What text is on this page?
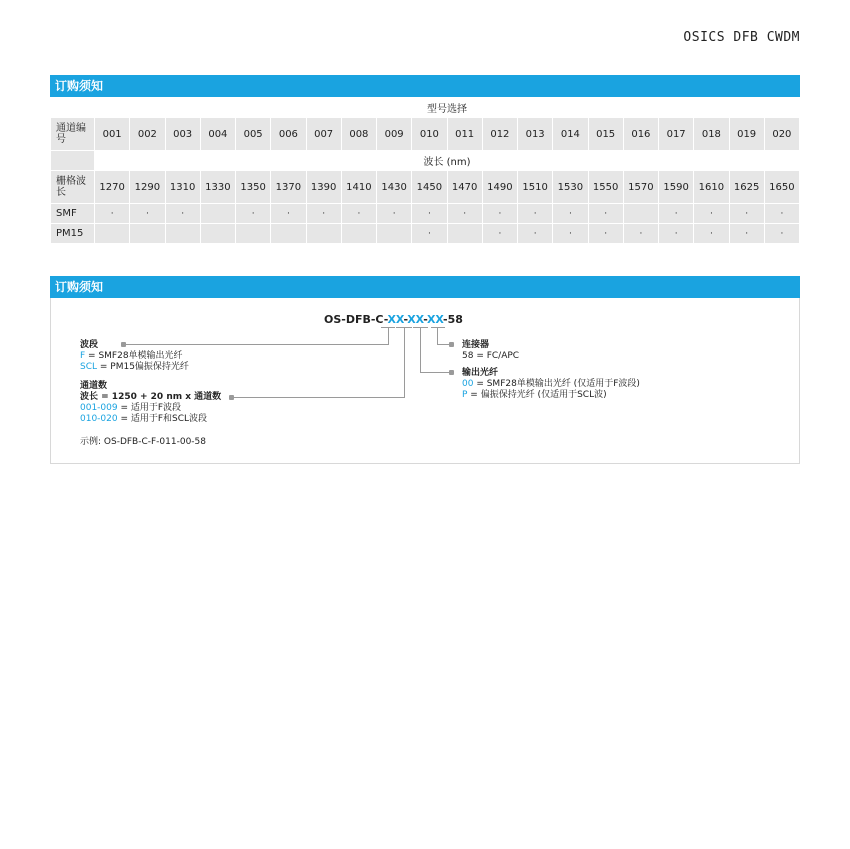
OSICS DFB CWDM
订购须知
	型号选择																			
通道编号	001	002	003	004	005	006	007	008	009	010	011	012	013	014	015	016	017	018	019	020
	波长 (nm)																			
栅格波长	1270	1290	1310	1330	1350	1370	1390	1410	1430	1450	1470	1490	1510	1530	1550	1570	1590	1610	1625	1650
SMF	·	·	·		·	·	·	·	·	·	·	·	·	·	·		·	·	·	·
PM15										·		·	·	·	·	·	·	·	·	·
订购须知
OS-DFB-C-XX-XX-XX-58
波段
F = SMF28单模输出光纤
SCL = PM15偏振保持光纤
通道数
波长 = 1250 + 20 nm x 通道数
001-009 = 适用于F波段
010-020 = 适用于F和SCL波段
示例: OS-DFB-C-F-011-00-58
连接器
58 = FC/APC
输出光纤
00 = SMF28单模输出光纤 (仅适用于F波段)
P = 偏振保持光纤 (仅适用于SCL波)
